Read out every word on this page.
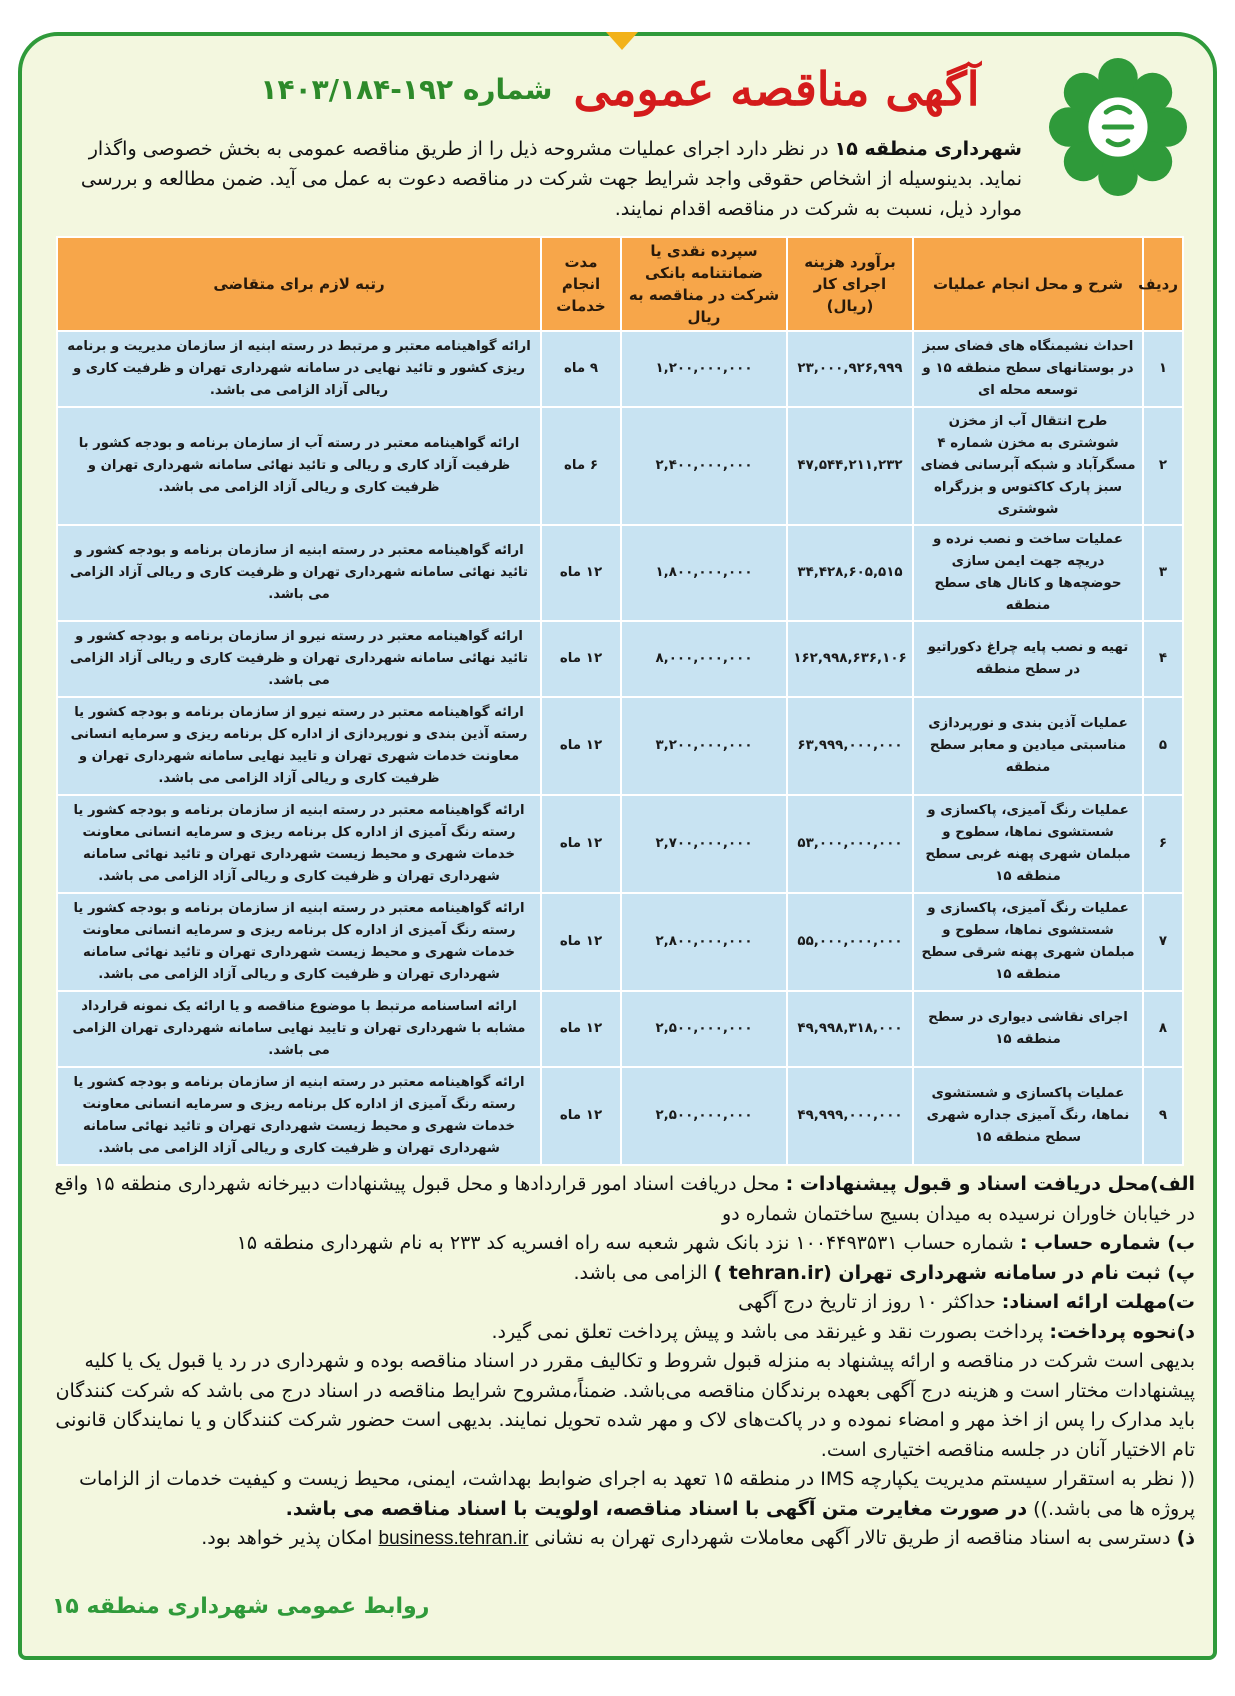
آگهی مناقصه عمومی شماره ۱۹۲-۱۴۰۳/۱۸۴
شهرداری منطقه ۱۵ در نظر دارد اجرای عملیات مشروحه ذیل را از طریق مناقصه عمومی به بخش خصوصی واگذار نماید. بدینوسیله از اشخاص حقوقی واجد شرایط جهت شرکت در مناقصه دعوت به عمل می آید. ضمن مطالعه و بررسی موارد ذیل، نسبت به شرکت در مناقصه اقدام نمایند.
ردیف	شرح و محل انجام عملیات	برآورد هزینه اجرای کار (ریال)	سپرده نقدی یا ضمانتنامه بانکی شرکت در مناقصه به ریال	مدت انجام خدمات	رتبه لازم برای متقاضی
۱	احداث نشیمنگاه های فضای سبز در بوستانهای سطح منطقه ۱۵ و توسعه محله ای	۲۳,۰۰۰,۹۲۶,۹۹۹	۱,۲۰۰,۰۰۰,۰۰۰	۹ ماه	ارائه گواهینامه معتبر و مرتبط در رسته ابنیه از سازمان مدیریت و برنامه ریزی کشور و تائید نهایی در سامانه شهرداری تهران و ظرفیت کاری و ریالی آزاد الزامی می باشد.
۲	طرح انتقال آب از مخزن شوشتری به مخزن شماره ۴ مسگرآباد و شبکه آبرسانی فضای سبز پارک کاکتوس و بزرگراه شوشتری	۴۷,۵۴۴,۲۱۱,۲۳۲	۲,۴۰۰,۰۰۰,۰۰۰	۶ ماه	ارائه گواهینامه معتبر در رسته آب از سازمان برنامه و بودجه کشور با ظرفیت آزاد کاری و ریالی و تائید نهائی سامانه شهرداری تهران و ظرفیت کاری و ریالی آزاد الزامی می باشد.
۳	عملیات ساخت و نصب نرده و دریچه جهت ایمن سازی حوضچه‌ها و کانال های سطح منطقه	۳۴,۴۲۸,۶۰۵,۵۱۵	۱,۸۰۰,۰۰۰,۰۰۰	۱۲ ماه	ارائه گواهینامه معتبر در رسته ابنیه از سازمان برنامه و بودجه کشور و تائید نهائی سامانه شهرداری تهران و ظرفیت کاری و ریالی آزاد الزامی می باشد.
۴	تهیه و نصب پایه چراغ دکوراتیو در سطح منطقه	۱۶۲,۹۹۸,۶۳۶,۱۰۶	۸,۰۰۰,۰۰۰,۰۰۰	۱۲ ماه	ارائه گواهینامه معتبر در رسته نیرو از سازمان برنامه و بودجه کشور و تائید نهائی سامانه شهرداری تهران و ظرفیت کاری و ریالی آزاد الزامی می باشد.
۵	عملیات آذین بندی و نورپردازی مناسبتی میادین و معابر سطح منطقه	۶۳,۹۹۹,۰۰۰,۰۰۰	۳,۲۰۰,۰۰۰,۰۰۰	۱۲ ماه	ارائه گواهینامه معتبر در رسته نیرو از سازمان برنامه و بودجه کشور یا رسته آذین بندی و نورپردازی از اداره کل برنامه ریزی و سرمایه انسانی معاونت خدمات شهری تهران و تایید نهایی سامانه شهرداری تهران و ظرفیت کاری و ریالی آزاد الزامی می باشد.
۶	عملیات رنگ آمیزی، پاکسازی و شستشوی نماها، سطوح و مبلمان شهری پهنه غربی سطح منطقه ۱۵	۵۳,۰۰۰,۰۰۰,۰۰۰	۲,۷۰۰,۰۰۰,۰۰۰	۱۲ ماه	ارائه گواهینامه معتبر در رسته ابنیه از سازمان برنامه و بودجه کشور یا رسته رنگ آمیزی از اداره کل برنامه ریزی و سرمایه انسانی معاونت خدمات شهری و محیط زیست شهرداری تهران و تائید نهائی سامانه شهرداری تهران و ظرفیت کاری و ریالی آزاد الزامی می باشد.
۷	عملیات رنگ آمیزی، پاکسازی و شستشوی نماها، سطوح و مبلمان شهری پهنه شرقی سطح منطقه ۱۵	۵۵,۰۰۰,۰۰۰,۰۰۰	۲,۸۰۰,۰۰۰,۰۰۰	۱۲ ماه	ارائه گواهینامه معتبر در رسته ابنیه از سازمان برنامه و بودجه کشور یا رسته رنگ آمیزی از اداره کل برنامه ریزی و سرمایه انسانی معاونت خدمات شهری و محیط زیست شهرداری تهران و تائید نهائی سامانه شهرداری تهران و ظرفیت کاری و ریالی آزاد الزامی می باشد.
۸	اجرای نقاشی دیواری در سطح منطقه ۱۵	۴۹,۹۹۸,۳۱۸,۰۰۰	۲,۵۰۰,۰۰۰,۰۰۰	۱۲ ماه	ارائه اساسنامه مرتبط با موضوع مناقصه و یا ارائه یک نمونه قرارداد مشابه با شهرداری تهران و تایید نهایی سامانه شهرداری تهران الزامی می باشد.
۹	عملیات پاکسازی و شستشوی نماها، رنگ آمیزی جداره شهری سطح منطقه ۱۵	۴۹,۹۹۹,۰۰۰,۰۰۰	۲,۵۰۰,۰۰۰,۰۰۰	۱۲ ماه	ارائه گواهینامه معتبر در رسته ابنیه از سازمان برنامه و بودجه کشور یا رسته رنگ آمیزی از اداره کل برنامه ریزی و سرمایه انسانی معاونت خدمات شهری و محیط زیست شهرداری تهران و تائید نهائی سامانه شهرداری تهران و ظرفیت کاری و ریالی آزاد الزامی می باشد.

الف)محل دریافت اسناد و قبول پیشنهادات : محل دریافت اسناد امور قراردادها و محل قبول پیشنهادات دبیرخانه شهرداری منطقه ۱۵ واقع در خیابان خاوران نرسیده به میدان بسیج ساختمان شماره دو

ب) شماره حساب : شماره حساب ۱۰۰۴۴۹۳۵۳۱ نزد بانک شهر شعبه سه راه افسریه کد ۲۳۳ به نام شهرداری منطقه ۱۵

پ) ثبت نام در سامانه شهرداری تهران (tehran.ir ) الزامی می باشد.

ت)مهلت ارائه اسناد: حداکثر ۱۰ روز از تاریخ درج آگهی

د)نحوه پرداخت: پرداخت بصورت نقد و غیرنقد می باشد و پیش پرداخت تعلق نمی گیرد.

بدیهی است شرکت در مناقصه و ارائه پیشنهاد به منزله قبول شروط و تکالیف مقرر در اسناد مناقصه بوده و شهرداری در رد یا قبول یک یا کلیه پیشنهادات مختار است و هزینه درج آگهی بعهده برندگان مناقصه می‌باشد. ضمناً،مشروح شرایط مناقصه در اسناد درج می باشد که شرکت کنندگان باید مدارک را پس از اخذ مهر و امضاء نموده و در پاکت‌های لاک و مهر شده تحویل نمایند. بدیهی است حضور شرکت کنندگان و یا نمایندگان قانونی تام الاختیار آنان در جلسه مناقصه اختیاری است.

(( نظر به استقرار سیستم مدیریت یکپارچه IMS در منطقه ۱۵ تعهد به اجرای ضوابط بهداشت، ایمنی، محیط زیست و کیفیت خدمات از الزامات پروژه ها می باشد.)) در صورت مغایرت متن آگهی با اسناد مناقصه، اولویت با اسناد مناقصه می باشد.

ذ) دسترسی به اسناد مناقصه از طریق تالار آگهی معاملات شهرداری تهران به نشانی business.tehran.ir امکان پذیر خواهد بود.

روابط عمومی شهرداری منطقه ۱۵
